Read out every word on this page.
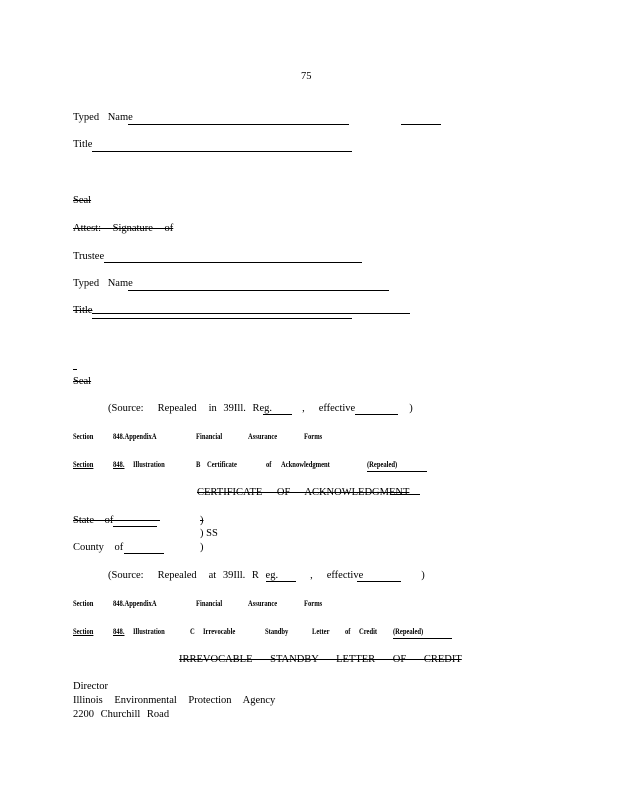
75
Typed Name
Title
Seal
Attest: Signature of
Trustee
Typed Name
Title
Seal
(Source: Repealed in 39Ill. Reg.	, effective	)
Section 848.AppendixA	Financial	Assurance	Forms
Section 848. Illustration	B Certificate	of Acknowledgment	(Repealed)
CERTIFICATE OF ACKNOWLEDGMENT
State of	)
) SS
County of	)
(Source: Repealed at 39Ill. R eg.	, effective	)
Section 848.AppendixA	Financial	Assurance	Forms
Section 848. Illustration	C Irrevocable	Standby	Letter of Credit (Repealed)
IRREVOCABLE STANDBY LETTER OF CREDIT
Director
Illinois Environmental Protection Agency
2200 Churchill Road
